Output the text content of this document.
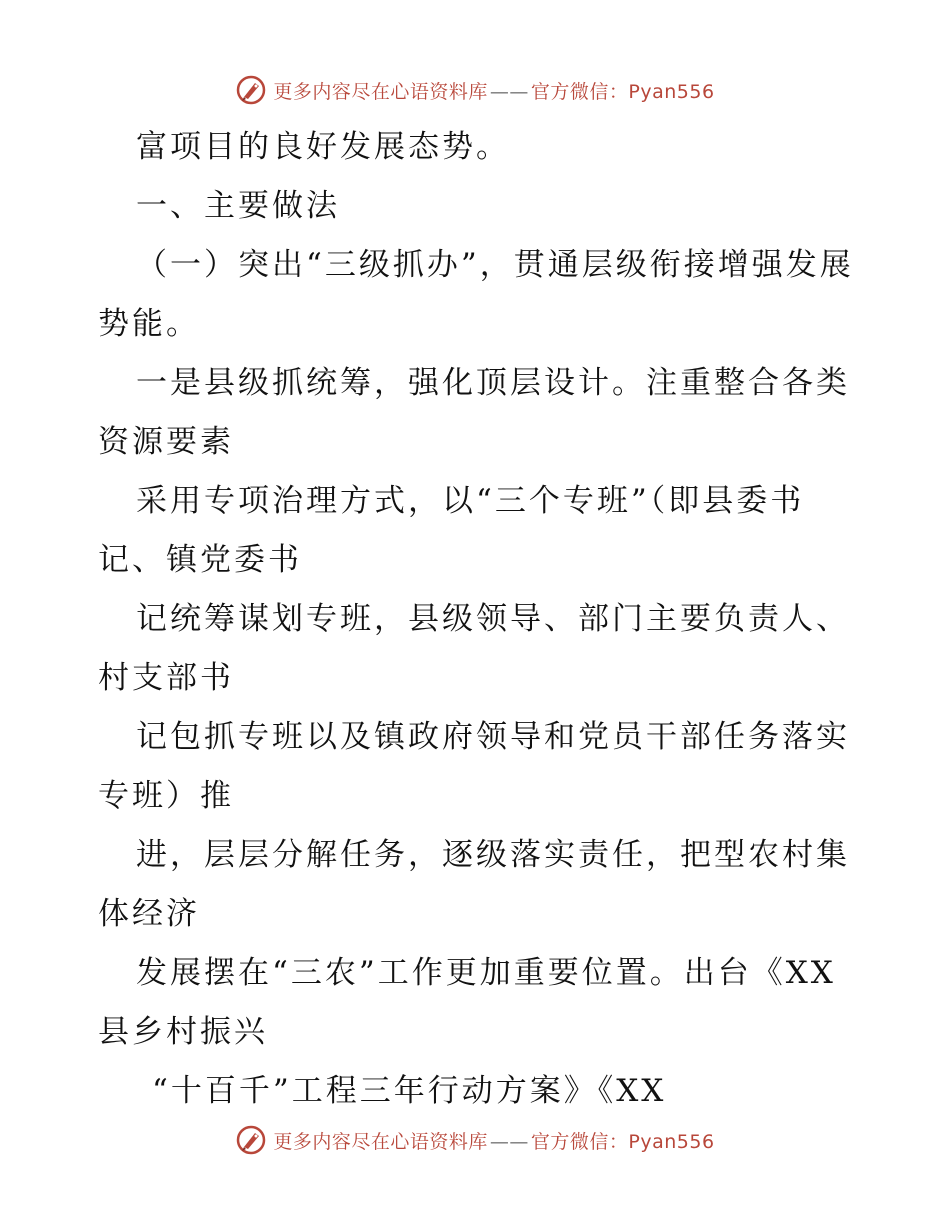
更多内容尽在心语资料库 —— 官方微信：Pyan556

富项目的良好发展态势。

一、主要做法

（一）突出“三级抓办”，贯通层级衔接增强发展势能。

一是县级抓统筹，强化顶层设计。注重整合各类资源要素

采用专项治理方式，以“三个专班”（即县委书记、镇党委书

记统筹谋划专班，县级领导、部门主要负责人、村支部书

记包抓专班以及镇政府领导和党员干部任务落实专班）推

进，层层分解任务，逐级落实责任，把型农村集体经济

发展摆在“三农”工作更加重要位置。出台《XX县乡村振兴

“十百千”工程三年行动方案》《XX

更多内容尽在心语资料库 —— 官方微信：Pyan556
